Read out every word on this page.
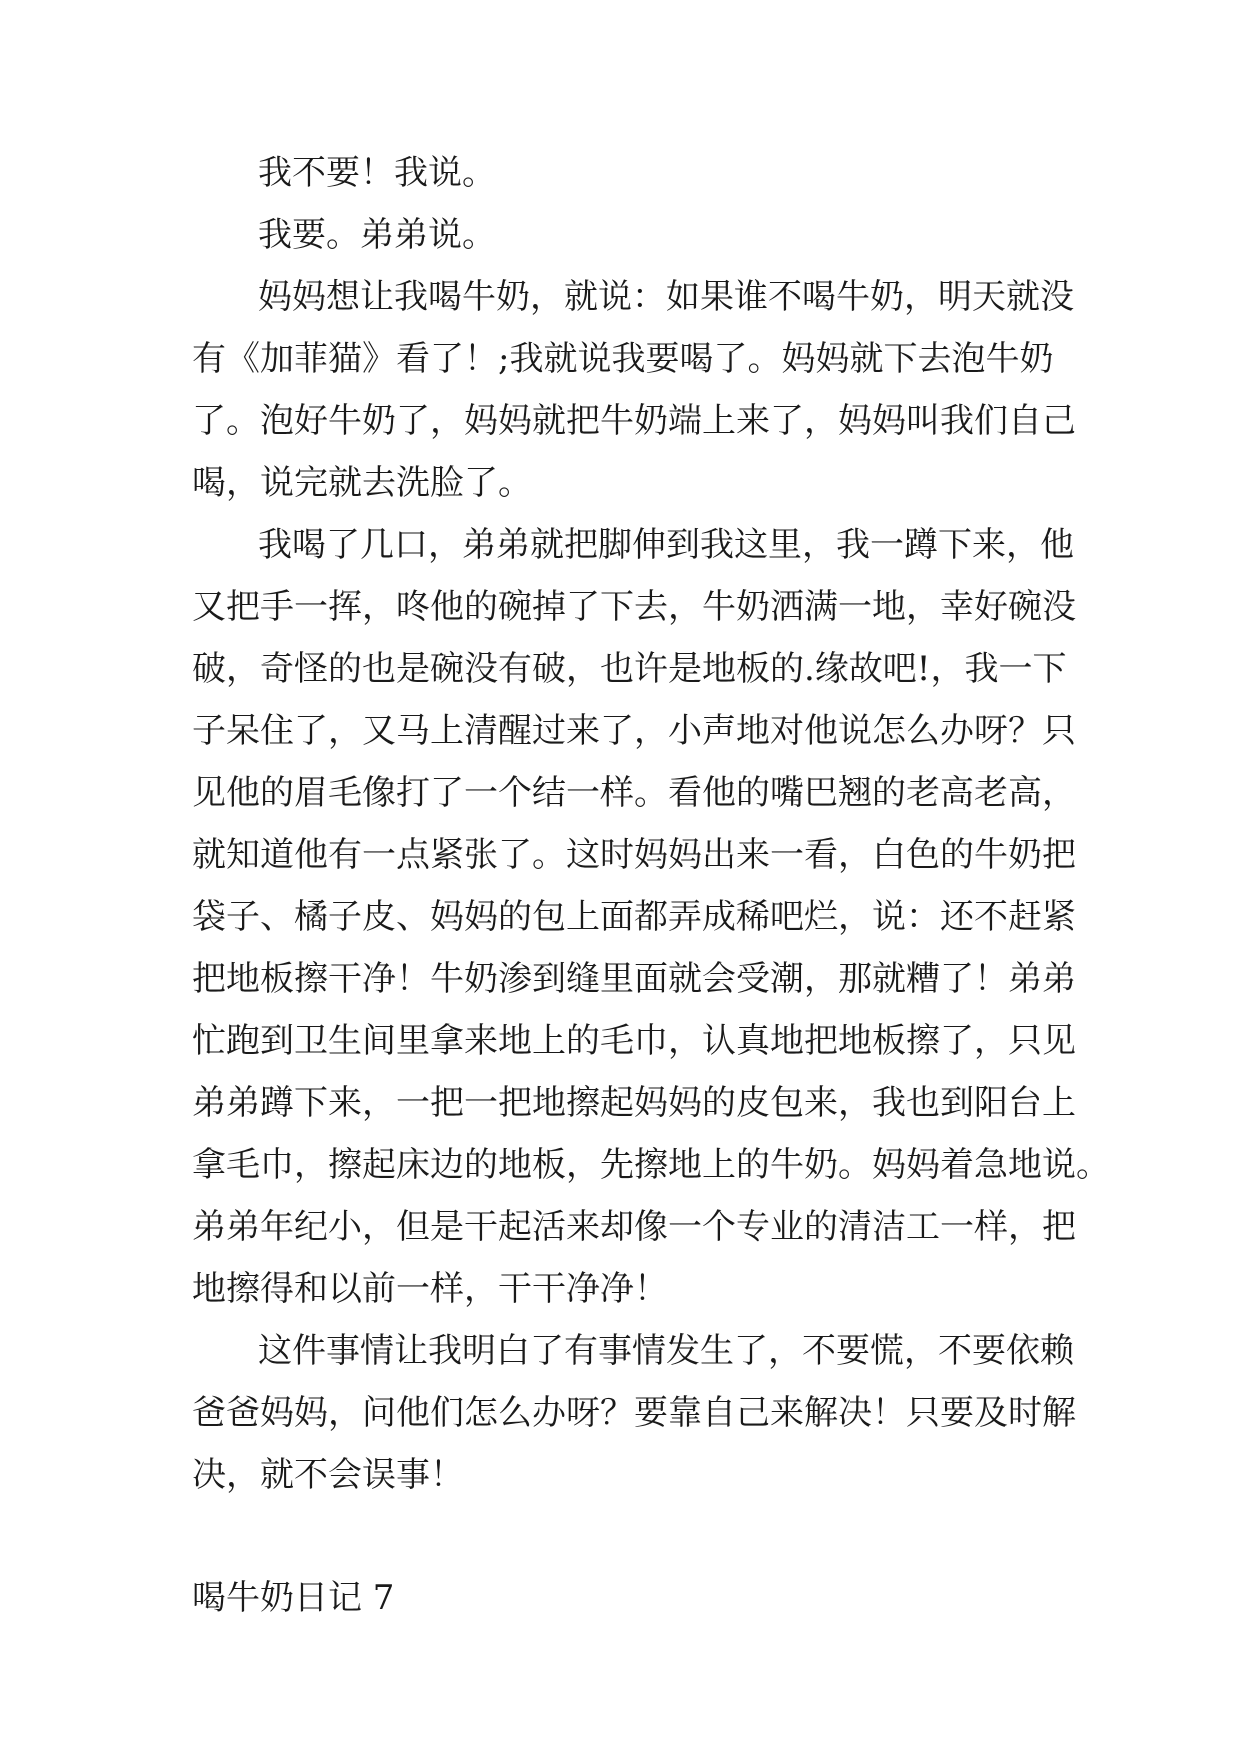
我不要！我说。
我要。弟弟说。
妈妈想让我喝牛奶，就说：如果谁不喝牛奶，明天就没
有《加菲猫》看了！;我就说我要喝了。妈妈就下去泡牛奶
了。泡好牛奶了，妈妈就把牛奶端上来了，妈妈叫我们自己
喝，说完就去洗脸了。
我喝了几口，弟弟就把脚伸到我这里，我一蹲下来，他
又把手一挥，咚他的碗掉了下去，牛奶洒满一地，幸好碗没
破，奇怪的也是碗没有破，也许是地板的.缘故吧!，我一下
子呆住了，又马上清醒过来了，小声地对他说怎么办呀？只
见他的眉毛像打了一个结一样。看他的嘴巴翘的老高老高，
就知道他有一点紧张了。这时妈妈出来一看，白色的牛奶把
袋子、橘子皮、妈妈的包上面都弄成稀吧烂，说：还不赶紧
把地板擦干净！牛奶渗到缝里面就会受潮，那就糟了！弟弟
忙跑到卫生间里拿来地上的毛巾，认真地把地板擦了，只见
弟弟蹲下来，一把一把地擦起妈妈的皮包来，我也到阳台上
拿毛巾，擦起床边的地板，先擦地上的牛奶。妈妈着急地说。
弟弟年纪小，但是干起活来却像一个专业的清洁工一样，把
地擦得和以前一样，干干净净！
这件事情让我明白了有事情发生了，不要慌，不要依赖
爸爸妈妈，问他们怎么办呀？要靠自己来解决！只要及时解
决，就不会误事！
喝牛奶日记 7
